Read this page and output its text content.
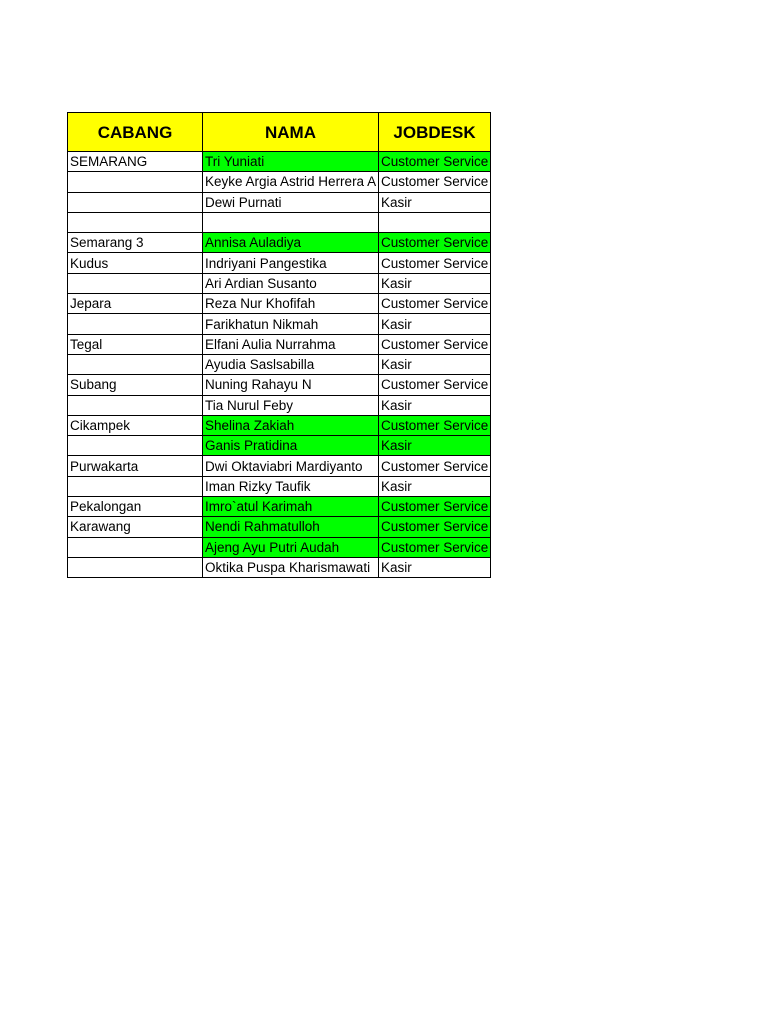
CABANG	NAMA	JOBDESK
SEMARANG	Tri Yuniati	Customer Service
	Keyke Argia Astrid Herrera A	Customer Service
	Dewi Purnati	Kasir

Semarang 3	Annisa Auladiya	Customer Service
Kudus	Indriyani Pangestika	Customer Service
	Ari Ardian Susanto	Kasir
Jepara	Reza Nur Khofifah	Customer Service
	Farikhatun Nikmah	Kasir
Tegal	Elfani Aulia Nurrahma	Customer Service
	Ayudia Saslsabilla	Kasir
Subang	Nuning Rahayu N	Customer Service
	Tia Nurul Feby	Kasir
Cikampek	Shelina Zakiah	Customer Service
	Ganis Pratidina	Kasir
Purwakarta	Dwi Oktaviabri Mardiyanto	Customer Service
	Iman Rizky Taufik	Kasir
Pekalongan	Imro`atul Karimah	Customer Service
Karawang	Nendi Rahmatulloh	Customer Service
	Ajeng Ayu Putri Audah	Customer Service
	Oktika Puspa Kharismawati	Kasir
